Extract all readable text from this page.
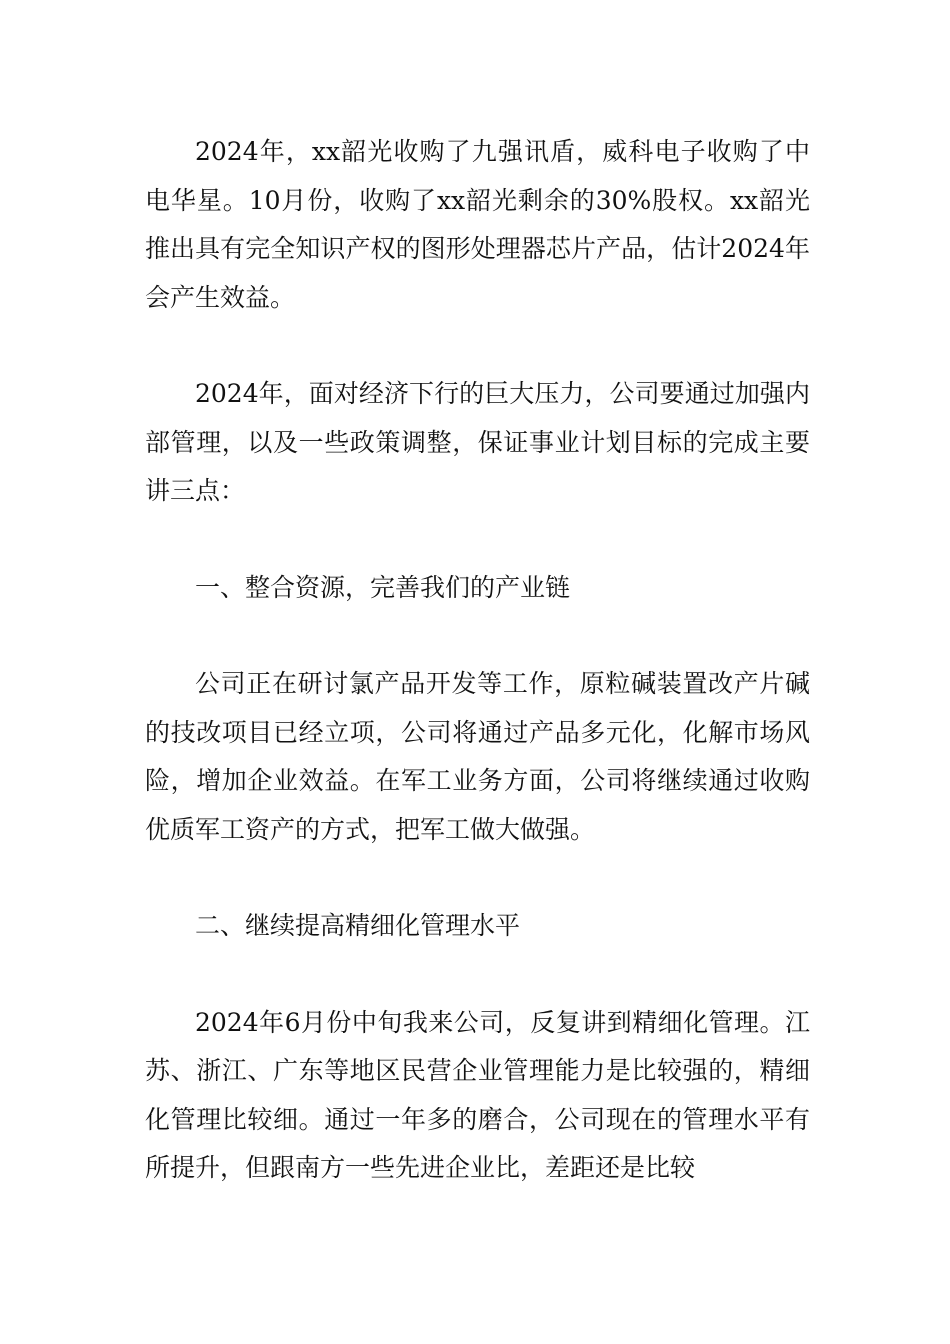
2024年，xx韶光收购了九强讯盾，威科电子收购了中电华星。10月份，收购了xx韶光剩余的30%股权。xx韶光推出具有完全知识产权的图形处理器芯片产品，估计2024年会产生效益。

2024年，面对经济下行的巨大压力，公司要通过加强内部管理，以及一些政策调整，保证事业计划目标的完成主要讲三点：

一、整合资源，完善我们的产业链

公司正在研讨氯产品开发等工作，原粒碱装置改产片碱的技改项目已经立项，公司将通过产品多元化，化解市场风险，增加企业效益。在军工业务方面，公司将继续通过收购优质军工资产的方式，把军工做大做强。

二、继续提高精细化管理水平

2024年6月份中旬我来公司，反复讲到精细化管理。江苏、浙江、广东等地区民营企业管理能力是比较强的，精细化管理比较细。通过一年多的磨合，公司现在的管理水平有所提升，但跟南方一些先进企业比，差距还是比较
